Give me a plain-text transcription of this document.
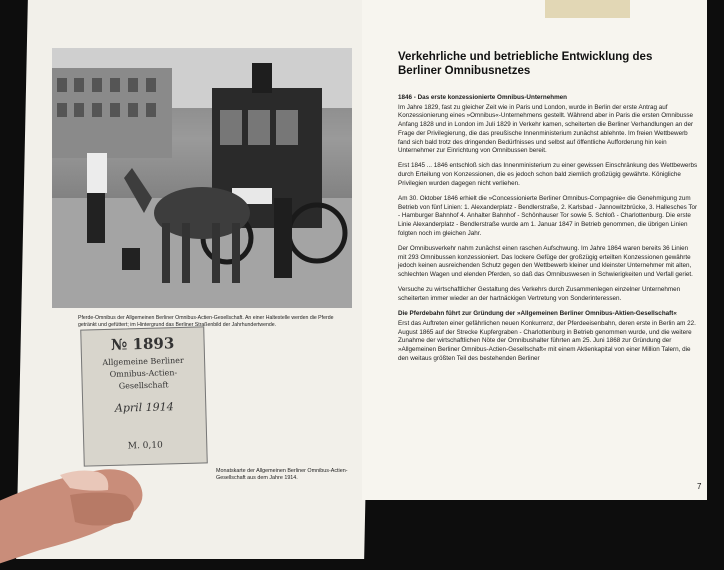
Pferde-Omnibus der Allgemeinen Berliner Omnibus-Actien-Gesellschaft. An einer Haltestelle werden die Pferde getränkt und gefüttert; im Hintergrund das Berliner Straßenbild der Jahrhundertwende.
№ 1893
Allgemeine Berliner
Omnibus-Actien-
Gesellschaft
April 1914
M. 0,10
Monatskarte der Allgemeinen Berliner Omnibus-Actien-Gesellschaft aus dem Jahre 1914.
Verkehrliche und betriebliche Entwicklung des Berliner Omnibusnetzes

1846 - Das erste konzessionierte Omnibus-Unternehmen

Im Jahre 1829, fast zu gleicher Zeit wie in Paris und London, wurde in Berlin der erste Antrag auf Konzessionierung eines »Omnibus«-Unternehmens gestellt. Während aber in Paris die ersten Omnibusse Anfang 1828 und in London im Juli 1829 in Verkehr kamen, scheiterten die Berliner Verhandlungen an der Frage der Privilegierung, die das preußische Innenministerium zunächst ablehnte. Im freien Wettbewerb fand sich bald trotz des dringenden Bedürfnisses und selbst auf öffentliche Aufforderung hin kein Unternehmer zur Einrichtung von Omnibussen bereit.

Erst 1845 ... 1846 entschloß sich das Innenministerium zu einer gewissen Einschränkung des Wettbewerbs durch Erteilung von Konzessionen, die es jedoch schon bald ziemlich großzügig gewährte. Königliche Privilegien wurden dagegen nicht verliehen.

Am 30. Oktober 1846 erhielt die »Concessionierte Berliner Omnibus-Compagnie« die Genehmigung zum Betrieb von fünf Linien: 1. Alexanderplatz - Bendlerstraße, 2. Karlsbad - Jannowitzbrücke, 3. Hallesches Tor - Hamburger Bahnhof 4. Anhalter Bahnhof - Schönhauser Tor sowie 5. Schloß - Charlottenburg. Die erste Linie Alexanderplatz - Bendlerstraße wurde am 1. Januar 1847 in Betrieb genommen, die übrigen Linien folgten noch im gleichen Jahr.

Der Omnibusverkehr nahm zunächst einen raschen Aufschwung. Im Jahre 1864 waren bereits 36 Linien mit 293 Omnibussen konzessioniert. Das lockere Gefüge der großzügig erteilten Konzessionen gewährte jedoch keinen ausreichenden Schutz gegen den Wettbewerb kleiner und kleinster Unternehmer mit alten, schlechten Wagen und elenden Pferden, so daß das Omnibuswesen in Schwierigkeiten und Verfall geriet.

Versuche zu wirtschaftlicher Gestaltung des Verkehrs durch Zusammenlegen einzelner Unternehmen scheiterten immer wieder an der hartnäckigen Vertretung von Sonderinteressen.

Die Pferdebahn führt zur Gründung der »Allgemeinen Berliner Omnibus-Aktien-Gesellschaft«

Erst das Auftreten einer gefährlichen neuen Konkurrenz, der Pferdeeisenbahn, deren erste in Berlin am 22. August 1865 auf der Strecke Kupfergraben - Charlottenburg in Betrieb genommen wurde, und die weitere Zunahme der wirtschaftlichen Nöte der Omnibushalter führten am 25. Juni 1868 zur Gründung der »Allgemeinen Berliner Omnibus-Actien-Gesellschaft« mit einem Aktienkapital von einer Million Talern, die den weitaus größten Teil des bestehenden Berliner

7
